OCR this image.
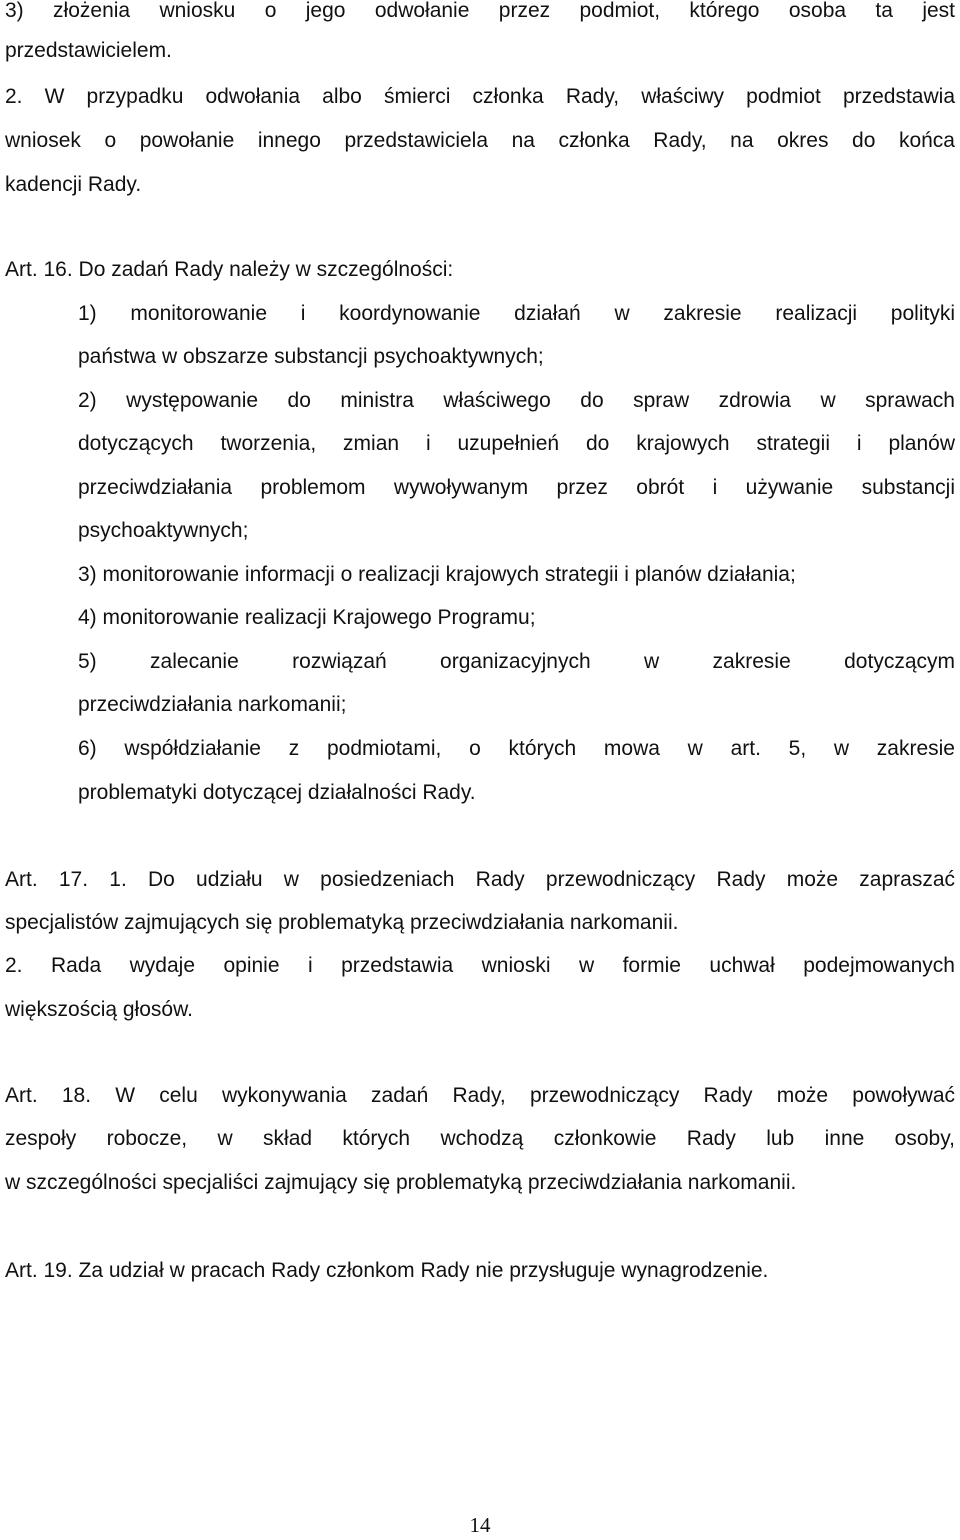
3) złożenia wniosku o jego odwołanie przez podmiot, którego osoba ta jest

przedstawicielem.

2. W przypadku odwołania albo śmierci członka Rady, właściwy podmiot przedstawia

wniosek o powołanie innego przedstawiciela na członka Rady, na okres do końca

kadencji Rady.

Art. 16. Do zadań Rady należy w szczególności:

1) monitorowanie i koordynowanie działań w zakresie realizacji polityki

państwa w obszarze substancji psychoaktywnych;

2) występowanie do ministra właściwego do spraw zdrowia w sprawach

dotyczących tworzenia, zmian i uzupełnień do krajowych strategii i planów

przeciwdziałania problemom wywoływanym przez obrót i używanie substancji

psychoaktywnych;

3) monitorowanie informacji o realizacji krajowych strategii i planów działania;

4) monitorowanie realizacji Krajowego Programu;

5) zalecanie rozwiązań organizacyjnych w zakresie dotyczącym

przeciwdziałania narkomanii;

6) współdziałanie z podmiotami, o których mowa w art. 5, w zakresie

problematyki dotyczącej działalności Rady.

Art. 17. 1. Do udziału w posiedzeniach Rady przewodniczący Rady może zapraszać

specjalistów zajmujących się problematyką przeciwdziałania narkomanii.

2. Rada wydaje opinie i przedstawia wnioski w formie uchwał podejmowanych

większością głosów.

Art. 18. W celu wykonywania zadań Rady, przewodniczący Rady może powoływać

zespoły robocze, w skład których wchodzą członkowie Rady lub inne osoby,

w szczególności specjaliści zajmujący się problematyką przeciwdziałania narkomanii.

Art. 19. Za udział w pracach Rady członkom Rady nie przysługuje wynagrodzenie.

14
